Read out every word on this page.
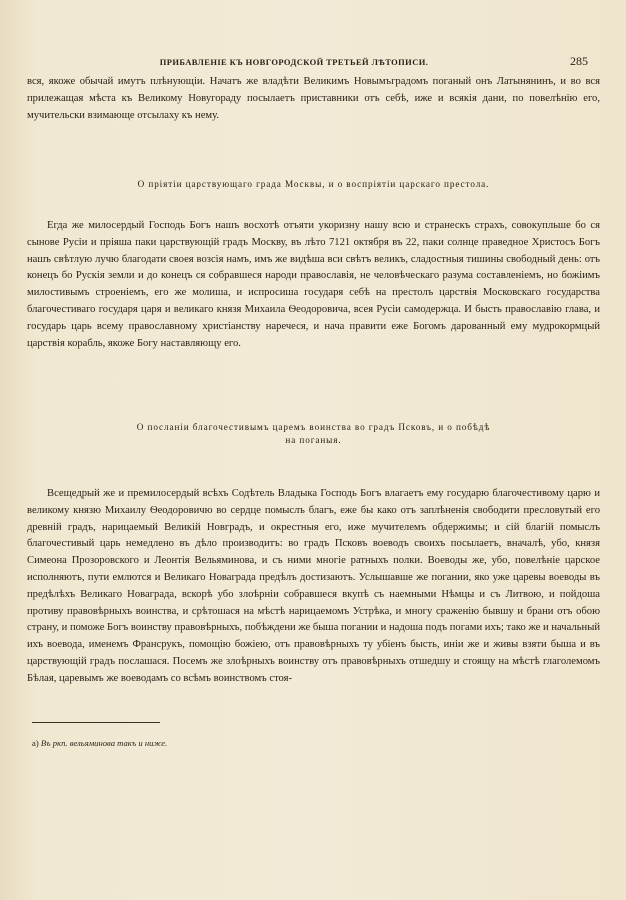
ПРИБАВЛЕНІЕ КЪ НОВГОРОДСКОЙ ТРЕТЬЕЙ ЛѢТОПИСИ.	285

вся, якоже обычай имутъ плѣнующіи. Начатъ же владѣти Великимъ Новымъградомъ поганый онъ Латынянинъ, и во вся прилежащая мѣста къ Великому Новугораду посылаетъ приставники отъ себѣ, иже и всякія дани, по повелѣнію его, мучительски взимающе отсылаху къ нему.

О пріятіи царствующаго града Москвы, и о воспріятіи царскаго престола.

Егда же милосердый Господь Богъ нашъ восхотѣ отъяти укоризну нашу всю и странескъ страхъ, совокупльше бо ся сынове Русіи и пріяша паки царствующій градъ Москву, въ лѣто 7121 октября въ 22, паки солнце праведное Христосъ Богъ нашъ свѣтлую лучю благодати своея возсія намъ, имъ же видѣша вси свѣтъ великъ, сладостныя тишины свободный день: отъ конецъ бо Рускія земли и до конецъ ся собравшеся народи православія, не человѣческаго разума составленіемъ, но божіимъ милостивымъ строеніемъ, его же молиша, и испросиша государя себѣ на престолъ царствія Московскаго государства благочестиваго государя царя и великаго князя Михаила Ѳеодоровича, всея Русіи самодержца. И бысть православію глава, и государь царь всему православному христіанству наречеся, и нача правити еже Богомъ дарованный ему мудрокормцый царствія корабль, якоже Богу наставляющу его.

О посланіи благочестивымъ царемъ воинства во градъ Псковъ, и о побѣдѣ
на поганыя.

Всещедрый же и премилосердый всѣхъ Содѣтель Владыка Господь Богъ влагаетъ ему государю благочестивому царю и великому князю Михаилу Ѳеодоровичю во сердце помыслъ благъ, еже бы како отъ заплѣненія свободити пресловутый его древній градъ, нарицаемый Великій Новградъ, и окрестныя его, иже мучителемъ обдержимы; и сій благій помыслъ благочестивый царь немедлено въ дѣло производитъ: во градъ Псковъ воеводъ своихъ посылаетъ, вначалѣ, убо, князя Симеона Прозоровского и Леонтія Вельяминова, и съ ними многіе ратныхъ полки. Воеводы же, убо, повелѣніе царское исполняютъ, пути емлются и Великаго Новаграда предѣлъ достизаютъ. Услышавше же погании, яко уже царевы воеводы въ предѣлѣхъ Великаго Новаграда, вскорѣ убо злоѣрніи собравшеся вкупѣ съ наемными Нѣмцы и съ Литвою, и пойдоша противу правовѣрныхъ воинства, и срѣтошася на мѣстѣ нарицаемомъ Устрѣка, и многу сраженію бывшу и брани отъ обою страну, и поможе Богъ воинству правовѣрныхъ, побѣждени же быша погании и надоша подъ погами ихъ; тако же и начальный ихъ воевода, именемъ Франсрукъ, помощію божіею, отъ правовѣрныхъ ту убіенъ бысть, иніи же и живы взяти быша и въ царствующій градъ послашася. Посемъ же злоѣрныхъ воинству отъ правовѣрныхъ отшедшу и стоящу на мѣстѣ глаголемомъ Бѣлая, царевымъ же воеводамъ со всѣмъ воинствомъ стоя-

а) Въ рκп. вельяминова такъ и ниже.
